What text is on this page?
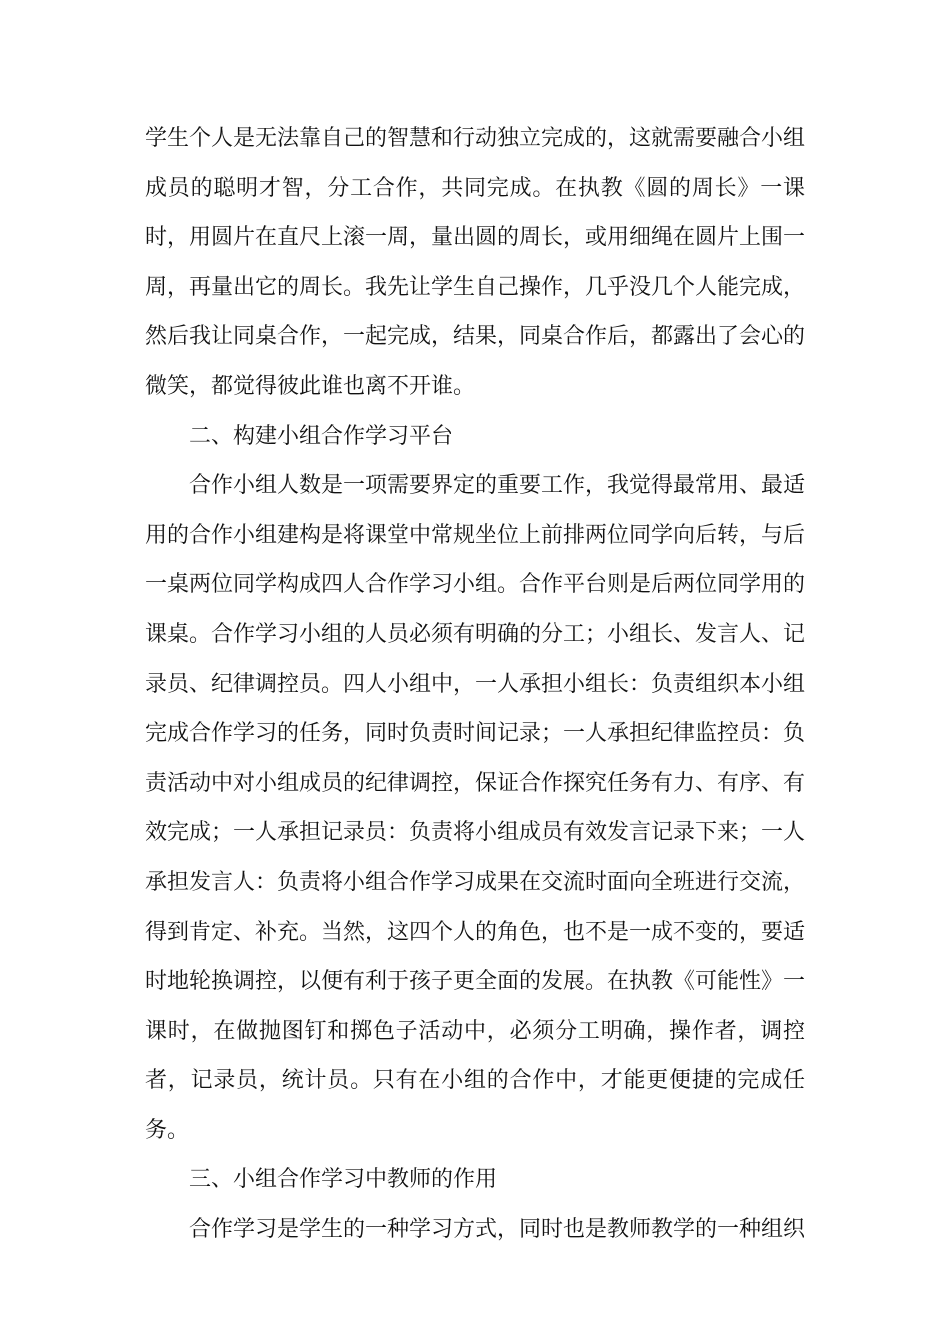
学生个人是无法靠自己的智慧和行动独立完成的，这就需要融合小组成员的聪明才智，分工合作，共同完成。在执教《圆的周长》一课时，用圆片在直尺上滚一周，量出圆的周长，或用细绳在圆片上围一周，再量出它的周长。我先让学生自己操作，几乎没几个人能完成，然后我让同桌合作，一起完成，结果，同桌合作后，都露出了会心的微笑，都觉得彼此谁也离不开谁。

二、构建小组合作学习平台

合作小组人数是一项需要界定的重要工作，我觉得最常用、最适用的合作小组建构是将课堂中常规坐位上前排两位同学向后转，与后一桌两位同学构成四人合作学习小组。合作平台则是后两位同学用的课桌。合作学习小组的人员必须有明确的分工；小组长、发言人、记录员、纪律调控员。四人小组中，一人承担小组长：负责组织本小组完成合作学习的任务，同时负责时间记录；一人承担纪律监控员：负责活动中对小组成员的纪律调控，保证合作探究任务有力、有序、有效完成；一人承担记录员：负责将小组成员有效发言记录下来；一人承担发言人：负责将小组合作学习成果在交流时面向全班进行交流，得到肯定、补充。当然，这四个人的角色，也不是一成不变的，要适时地轮换调控，以便有利于孩子更全面的发展。在执教《可能性》一课时，在做抛图钉和掷色子活动中，必须分工明确，操作者，调控者，记录员，统计员。只有在小组的合作中，才能更便捷的完成任务。

三、小组合作学习中教师的作用

合作学习是学生的一种学习方式，同时也是教师教学的一种组织
